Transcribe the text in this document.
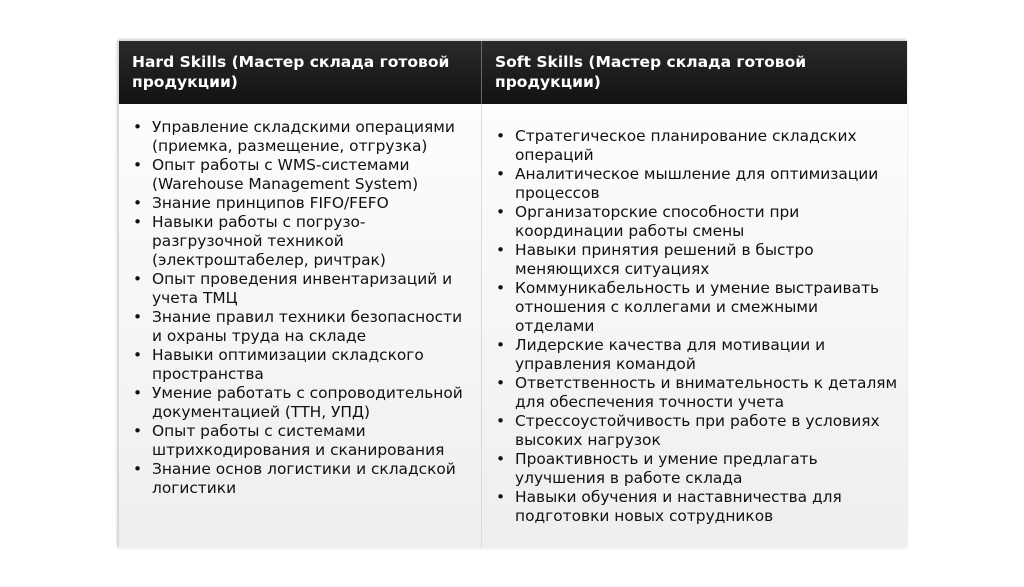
Hard Skills (Мастер склада готовой продукции)
Soft Skills (Мастер склада готовой продукции)
• Управление складскими операциями (приемка, размещение, отгрузка)
• Опыт работы с WMS-системами (Warehouse Management System)
• Знание принципов FIFO/FEFO
• Навыки работы с погрузо-разгрузочной техникой (электроштабелер, ричтрак)
• Опыт проведения инвентаризаций и учета ТМЦ
• Знание правил техники безопасности и охраны труда на складе
• Навыки оптимизации складского пространства
• Умение работать с сопроводительной документацией (ТТН, УПД)
• Опыт работы с системами штрихкодирования и сканирования
• Знание основ логистики и складской логистики
• Стратегическое планирование складских операций
• Аналитическое мышление для оптимизации процессов
• Организаторские способности при координации работы смены
• Навыки принятия решений в быстро меняющихся ситуациях
• Коммуникабельность и умение выстраивать отношения с коллегами и смежными отделами
• Лидерские качества для мотивации и управления командой
• Ответственность и внимательность к деталям для обеспечения точности учета
• Стрессоустойчивость при работе в условиях высоких нагрузок
• Проактивность и умение предлагать улучшения в работе склада
• Навыки обучения и наставничества для подготовки новых сотрудников
